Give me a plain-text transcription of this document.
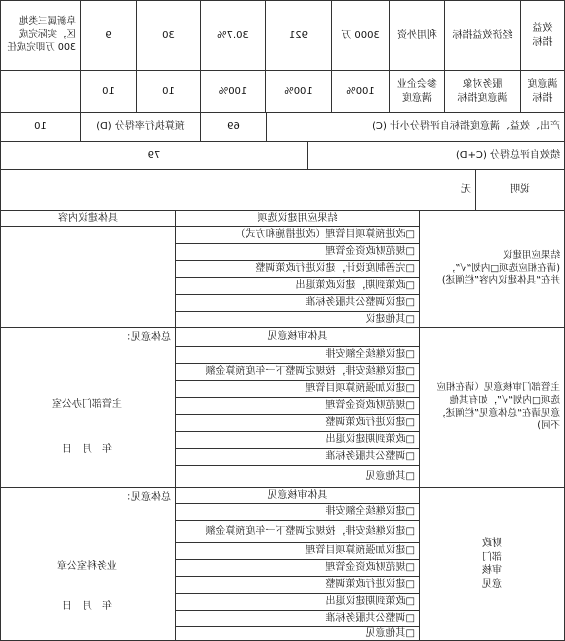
效益
指标
经济效益指标
利用外资
3000 万
921
30.7%
30
9
阜新属三类地
区，实际完成
300 万即完成任
满意度
指标
服务对象
满意度指标
参会企业
满意度
100%
100%
100%
10
10
产出、效益、满意度指标自评得分小计 (C)
69
预算执行率得分 (D)
10
绩效自评总得分 (C+D)
79
说明
无
结果应用建议
(请在相应选项□内划“√”，
并在“具体建议内容”栏阐述)
结果应用建议选项
具体建议内容
□改进预算项目管理（改进措施和方式）
□规范财政资金管理
□完善制度设计，建议进行政策调整
□政策到期，建议政策退出
□建议调整公共服务标准
□其他建议
主管部门审核意见（请在相应
选项□内划“√”，如有其他
意见请在“总体意见”栏阐述，
不同)
具体审核意见
□建议继续全额安排
□建议继续安排，按规定调整下一年度预算金额
□建议加强预算项目管理
□规范财政资金管理
□建议进行政策调整
□政策到期建议退出
□调整公共服务标准
□其他意见
总体意见：
主管部门办公室
年　月　日
财政
部门
审核
意见
具体审核意见
□建议继续全额安排
□建议继续安排，按规定调整下一年度预算金额
□建议加强预算项目管理
□规范财政资金管理
□建议进行政策调整
□政策到期建议退出
□调整公共服务标准
□其他意见
总体意见：
业务科室公章
年　月　日
